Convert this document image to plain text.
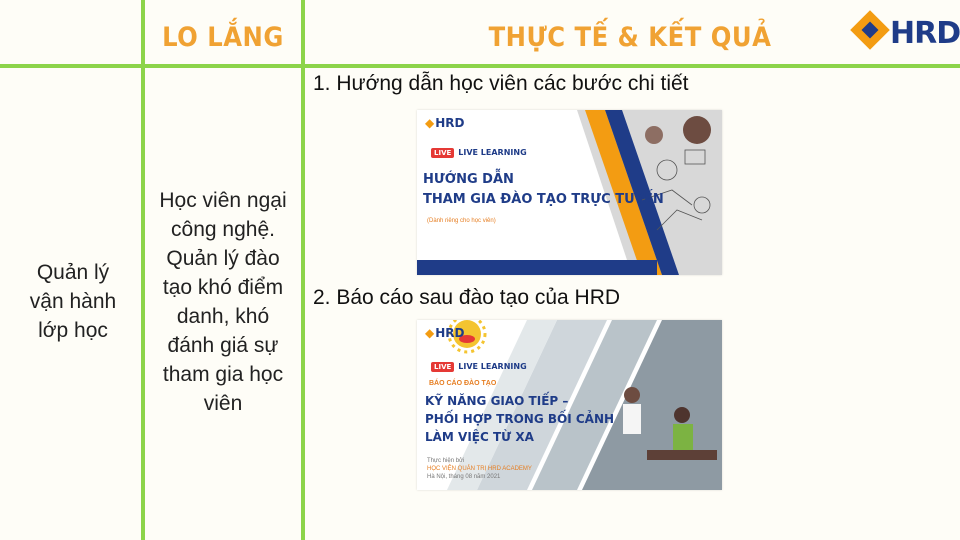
LO LẮNG	THỰC TẾ & KẾT QUẢ	HRD
Quản lý vận hành lớp học
Học viên ngại công nghệ. Quản lý đào tạo khó điểm danh, khó đánh giá sự tham gia học viên
1. Hướng dẫn học viên các bước chi tiết
◆ HRD
LIVE LIVE LEARNING
HƯỚNG DẪN
THAM GIA ĐÀO TẠO TRỰC TUYẾN
(Dành riêng cho học viên)
2. Báo cáo sau đào tạo của HRD
◆ HRD
LIVE LIVE LEARNING
BÁO CÁO ĐÀO TẠO
KỸ NĂNG GIAO TIẾP –
PHỐI HỢP TRONG BỐI CẢNH
LÀM VIỆC TỪ XA
Thực hiện bởi
HỌC VIỆN QUẢN TRỊ HRD ACADEMY
Hà Nội, tháng 08 năm 2021
